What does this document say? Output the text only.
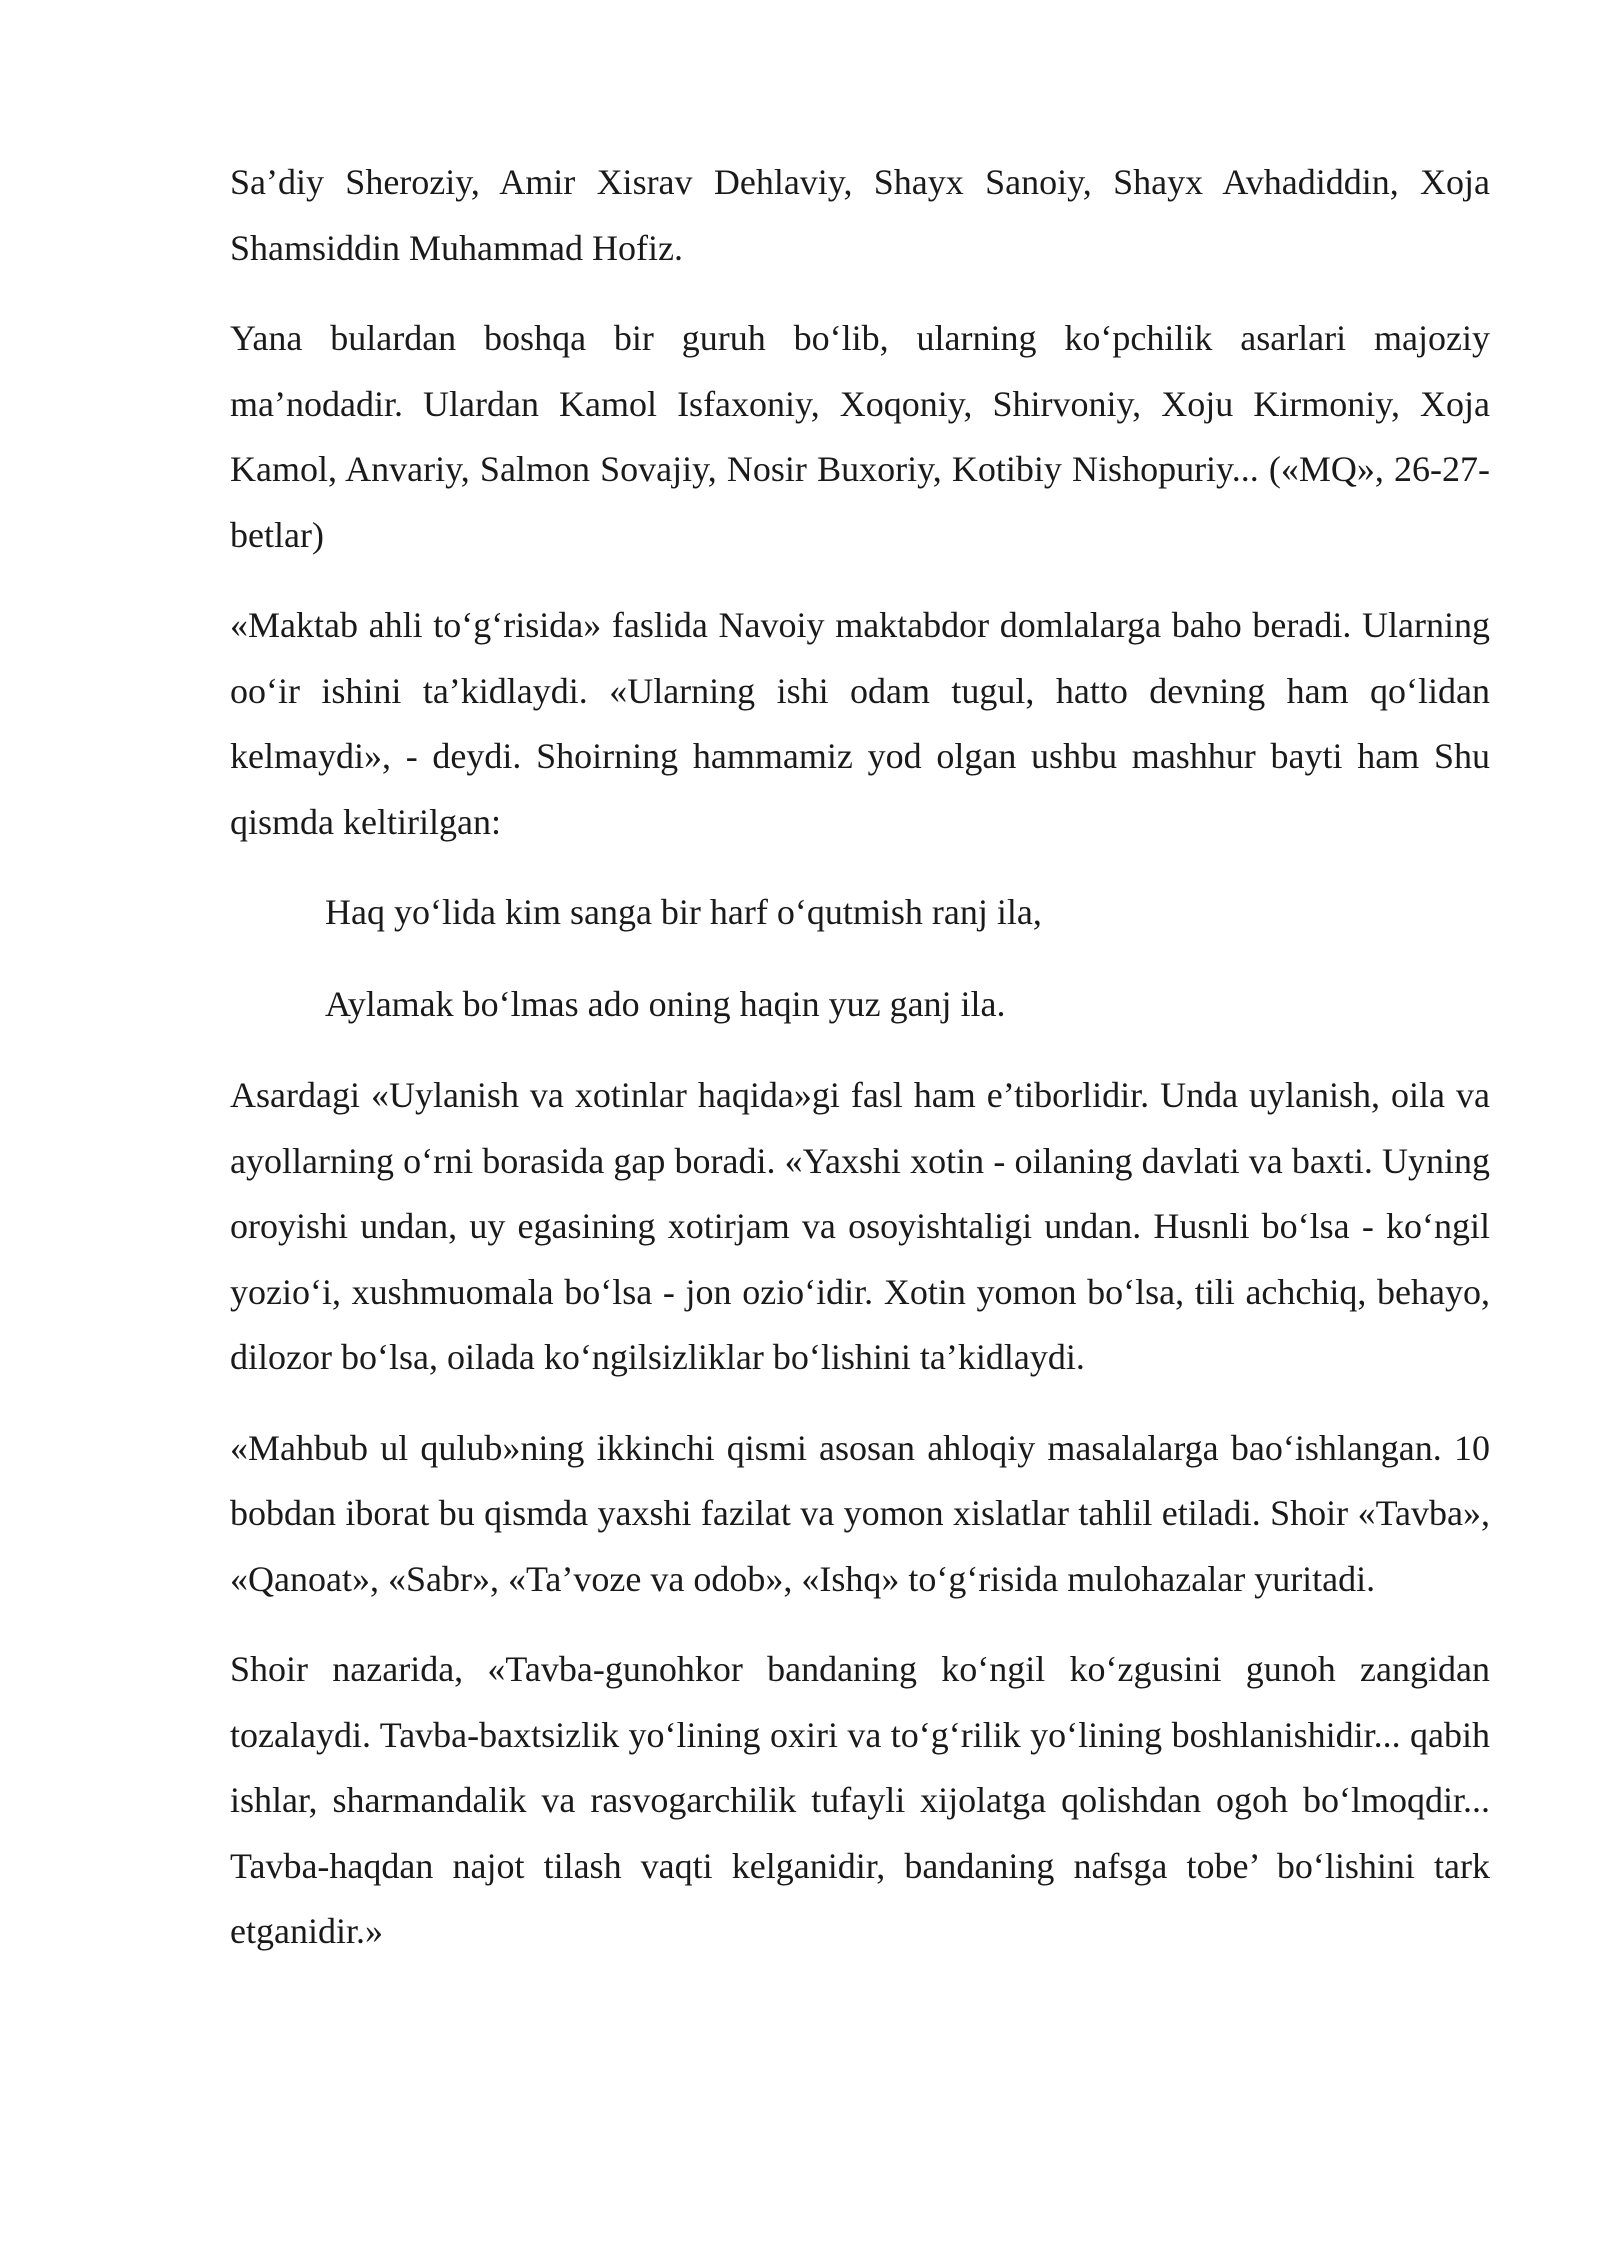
Sa’diy Sheroziy, Amir Xisrav Dehlaviy, Shayx Sanoiy, Shayx Avhadiddin, Xoja Shamsiddin Muhammad Hofiz.

Yana bulardan boshqa bir guruh bo‘lib, ularning ko‘pchilik asarlari majoziy ma’nodadir. Ulardan Kamol Isfaxoniy, Xoqoniy, Shirvoniy, Xoju Kirmoniy, Xoja Kamol, Anvariy, Salmon Sovajiy, Nosir Buxoriy, Kotibiy Nishopuriy... («MQ», 26-27-betlar)

«Maktab ahli to‘g‘risida» faslida Navoiy maktabdor domlalarga baho beradi. Ularning oo‘ir ishini ta’kidlaydi. «Ularning ishi odam tugul, hatto devning ham qo‘lidan kelmaydi», - deydi. Shoirning hammamiz yod olgan ushbu mashhur bayti ham Shu qismda keltirilgan:

Haq yo‘lida kim sanga bir harf o‘qutmish ranj ila,

Aylamak bo‘lmas ado oning haqin yuz ganj ila.

Asardagi «Uylanish va xotinlar haqida»gi fasl ham e’tiborlidir. Unda uylanish, oila va ayollarning o‘rni borasida gap boradi. «Yaxshi xotin - oilaning davlati va baxti. Uyning oroyishi undan, uy egasining xotirjam va osoyishtaligi undan. Husnli bo‘lsa - ko‘ngil yozio‘i, xushmuomala bo‘lsa - jon ozio‘idir. Xotin yomon bo‘lsa, tili achchiq, behayo, dilozor bo‘lsa, oilada ko‘ngilsizliklar bo‘lishini ta’kidlaydi.

«Mahbub ul qulub»ning ikkinchi qismi asosan ahloqiy masalalarga bao‘ishlangan. 10 bobdan iborat bu qismda yaxshi fazilat va yomon xislatlar tahlil etiladi. Shoir «Tavba», «Qanoat», «Sabr», «Ta’voze va odob», «Ishq» to‘g‘risida mulohazalar yuritadi.

Shoir nazarida, «Tavba-gunohkor bandaning ko‘ngil ko‘zgusini gunoh zangidan tozalaydi. Tavba-baxtsizlik yo‘lining oxiri va to‘g‘rilik yo‘lining boshlanishidir... qabih ishlar, sharmandalik va rasvogarchilik tufayli xijolatga qolishdan ogoh bo‘lmoqdir... Tavba-haqdan najot tilash vaqti kelganidir, bandaning nafsga tobe’ bo‘lishini tark etganidir.»
